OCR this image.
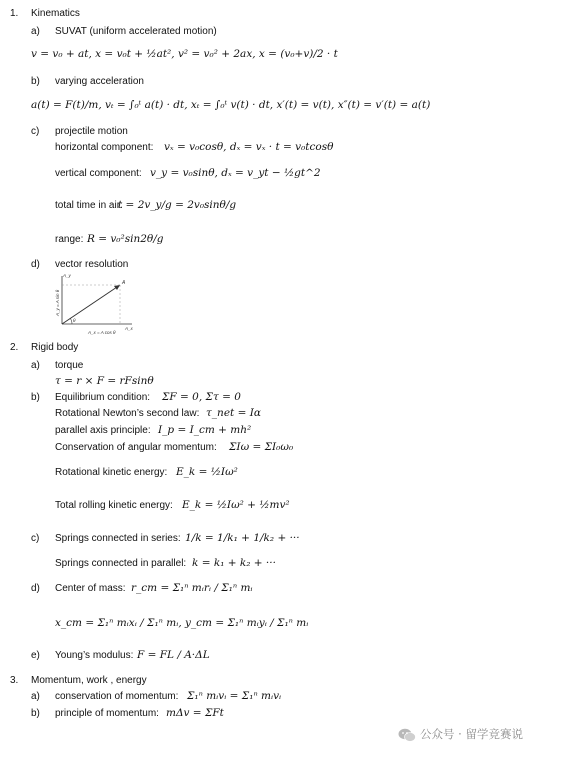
1. Kinematics
a) SUVAT (uniform accelerated motion)
v = v₀ + at, x = v₀t + ½at², v² = v₀² + 2ax, x = (v₀+v)/2 · t
b) varying acceleration
a(t) = F(t)/m, vₜ = ∫₀ᵗ a(t) · dt, xₜ = ∫₀ᵗ v(t) · dt, x′(t) = v(t), x″(t) = v′(t) = a(t)
c) projectile motion
horizontal component: vₓ = v₀cosθ, dₓ = vₓ · t = v₀tcosθ
vertical component: v_y = v₀sinθ, dₓ = v_yt − ½gt^2
total time in air:
t = 2v_y/g = 2v₀sinθ/g
range: R = v₀²sin2θ/g
d) vector resolution
A
θ
A_x
A_y
A_x = A cos θ
A_y = A sin θ
2. Rigid body
a) torque
τ = r × F = rFsinθ
b) Equilibrium condition: ΣF = 0, Στ = 0
Rotational Newton’s second law: τ_net = Iα
parallel axis principle: I_p = I_cm + mh²
Conservation of angular momentum: ΣIω = ΣI₀ω₀
Rotational kinetic energy: E_k = ½Iω²
Total rolling kinetic energy: E_k = ½Iω² + ½mv²
c) Springs connected in series: 1/k = 1/k₁ + 1/k₂ + ···
Springs connected in parallel: k = k₁ + k₂ + ···
d) Center of mass: r_cm = Σ₁ⁿ mᵢrᵢ / Σ₁ⁿ mᵢ
x_cm = Σ₁ⁿ mᵢxᵢ / Σ₁ⁿ mᵢ, y_cm = Σ₁ⁿ mᵢyᵢ / Σ₁ⁿ mᵢ
e) Young’s modulus: F = FL / A·ΔL
3. Momentum, work , energy
a) conservation of momentum: Σ₁ⁿ mᵢvᵢ = Σ₁ⁿ mᵢvᵢ
b) principle of momentum: mΔv = ΣFt
公众号 · 留学竞赛说
